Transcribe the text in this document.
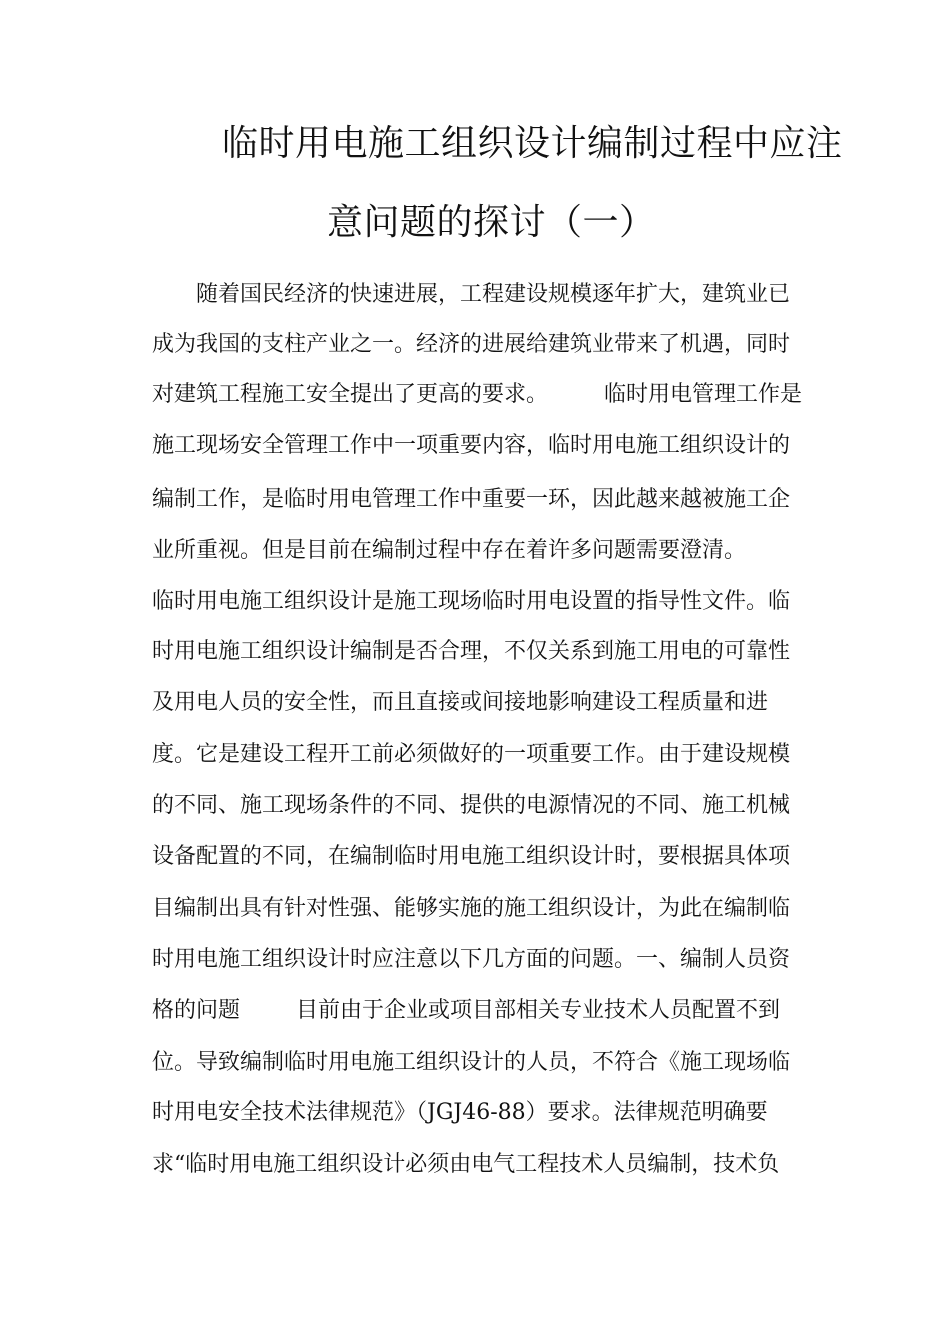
临时用电施工组织设计编制过程中应注
意问题的探讨（一）
随着国民经济的快速进展，工程建设规模逐年扩大，建筑业已
成为我国的支柱产业之一。经济的进展给建筑业带来了机遇，同时
对建筑工程施工安全提出了更高的要求。        临时用电管理工作是
施工现场安全管理工作中一项重要内容，临时用电施工组织设计的
编制工作，是临时用电管理工作中重要一环，因此越来越被施工企
业所重视。但是目前在编制过程中存在着许多问题需要澄清。
临时用电施工组织设计是施工现场临时用电设置的指导性文件。临
时用电施工组织设计编制是否合理，不仅关系到施工用电的可靠性
及用电人员的安全性，而且直接或间接地影响建设工程质量和进
度。它是建设工程开工前必须做好的一项重要工作。由于建设规模
的不同、施工现场条件的不同、提供的电源情况的不同、施工机械
设备配置的不同，在编制临时用电施工组织设计时，要根据具体项
目编制出具有针对性强、能够实施的施工组织设计，为此在编制临
时用电施工组织设计时应注意以下几方面的问题。一、编制人员资
格的问题        目前由于企业或项目部相关专业技术人员配置不到
位。导致编制临时用电施工组织设计的人员，不符合《施工现场临
时用电安全技术法律规范》（JGJ46-88）要求。法律规范明确要
求“临时用电施工组织设计必须由电气工程技术人员编制，技术负
